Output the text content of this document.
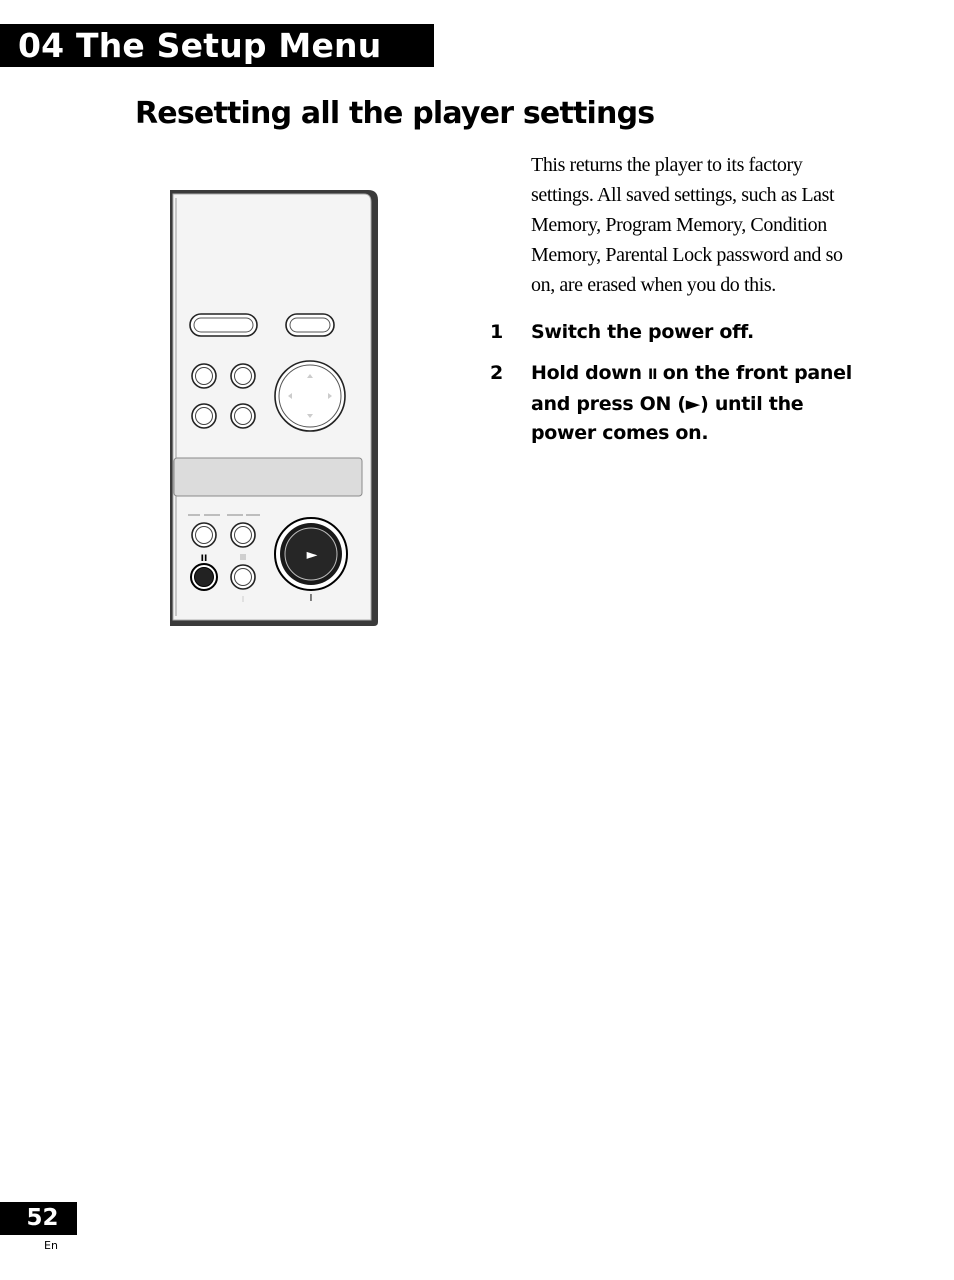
04 The Setup Menu
Resetting all the player settings

This returns the player to its factory settings. All saved settings, such as Last Memory, Program Memory, Condition Memory, Parental Lock password and so on, are erased when you do this.

1 Switch the power off.
2 Hold down II on the front panel and press ON (►) until the power comes on.
II	►
I
52
En
